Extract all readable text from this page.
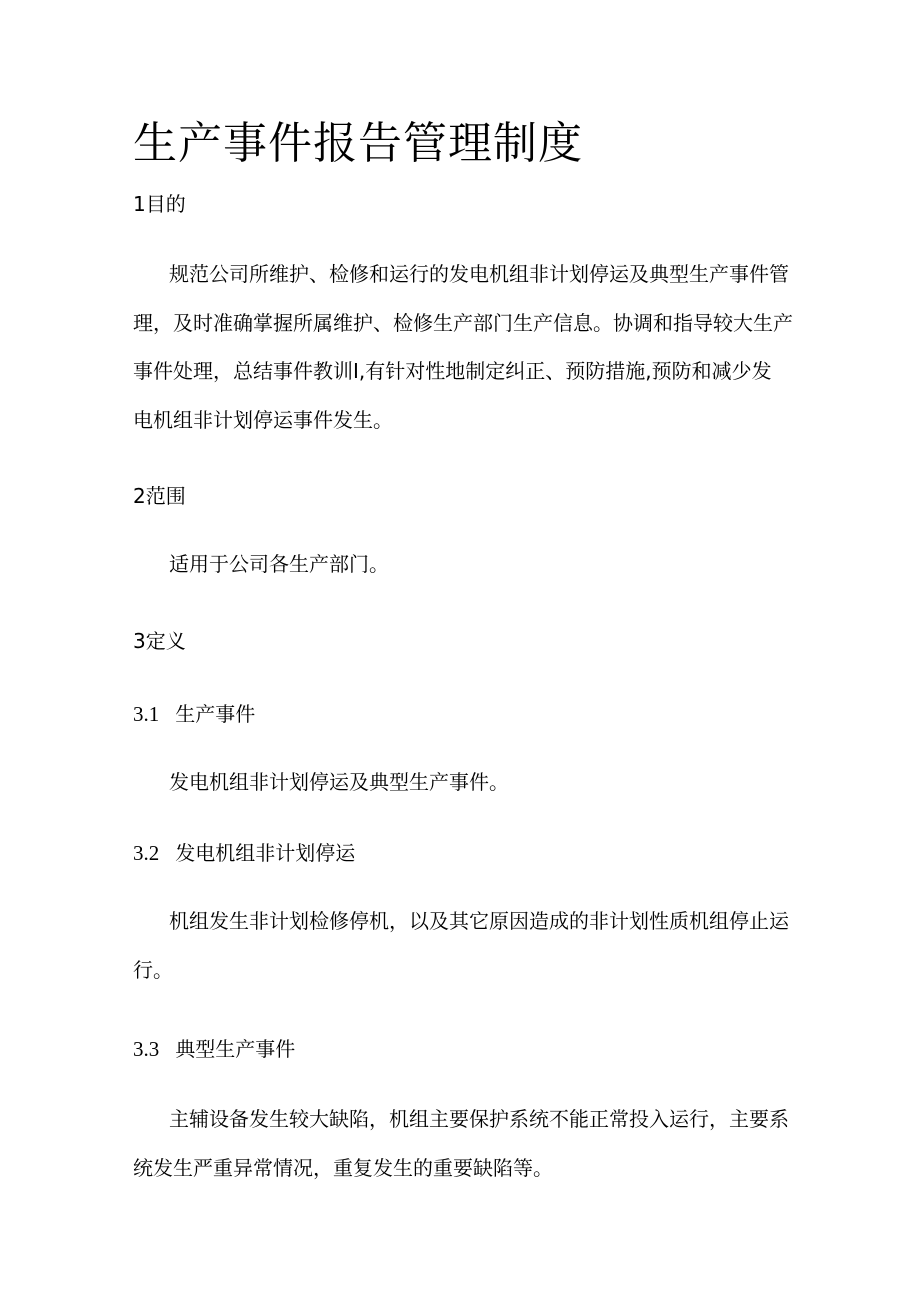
生产事件报告管理制度
1目的
规范公司所维护、检修和运行的发电机组非计划停运及典型生产事件管
理，及时准确掌握所属维护、检修生产部门生产信息。协调和指导较大生产
事件处理，总结事件教训I,有针对性地制定纠正、预防措施,预防和减少发
电机组非计划停运事件发生。
2范围
适用于公司各生产部门。
3定义
3.1 生产事件
发电机组非计划停运及典型生产事件。
3.2 发电机组非计划停运
机组发生非计划检修停机，以及其它原因造成的非计划性质机组停止运
行。
3.3 典型生产事件
主辅设备发生较大缺陷，机组主要保护系统不能正常投入运行，主要系
统发生严重异常情况，重复发生的重要缺陷等。
